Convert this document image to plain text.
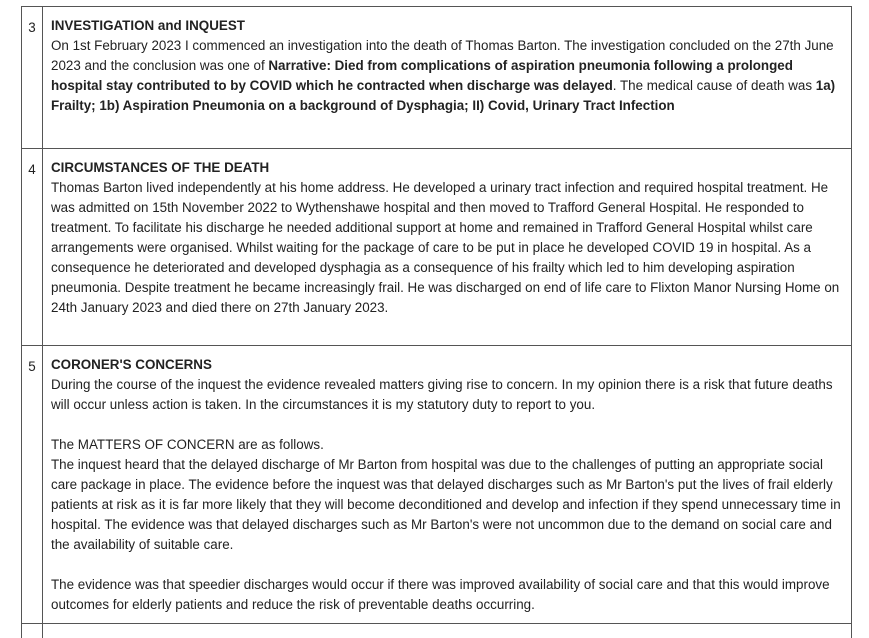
3	INVESTIGATION and INQUEST
On 1st February 2023 I commenced an investigation into the death of Thomas Barton. The investigation concluded on the 27th June 2023 and the conclusion was one of Narrative: Died from complications of aspiration pneumonia following a prolonged hospital stay contributed to by COVID which he contracted when discharge was delayed. The medical cause of death was 1a) Frailty; 1b) Aspiration Pneumonia on a background of Dysphagia; II) Covid, Urinary Tract Infection
4	CIRCUMSTANCES OF THE DEATH
Thomas Barton lived independently at his home address. He developed a urinary tract infection and required hospital treatment. He was admitted on 15th November 2022 to Wythenshawe hospital and then moved to Trafford General Hospital. He responded to treatment. To facilitate his discharge he needed additional support at home and remained in Trafford General Hospital whilst care arrangements were organised. Whilst waiting for the package of care to be put in place he developed COVID 19 in hospital. As a consequence he deteriorated and developed dysphagia as a consequence of his frailty which led to him developing aspiration pneumonia. Despite treatment he became increasingly frail. He was discharged on end of life care to Flixton Manor Nursing Home on 24th January 2023 and died there on 27th January 2023.

5	CORONER'S CONCERNS
During the course of the inquest the evidence revealed matters giving rise to concern. In my opinion there is a risk that future deaths will occur unless action is taken. In the circumstances it is my statutory duty to report to you.
The MATTERS OF CONCERN are as follows.
The inquest heard that the delayed discharge of Mr Barton from hospital was due to the challenges of putting an appropriate social care package in place. The evidence before the inquest was that delayed discharges such as Mr Barton's put the lives of frail elderly patients at risk as it is far more likely that they will become deconditioned and develop and infection if they spend unnecessary time in hospital. The evidence was that delayed discharges such as Mr Barton's were not uncommon due to the demand on social care and the availability of suitable care.
The evidence was that speedier discharges would occur if there was improved availability of social care and that this would improve outcomes for elderly patients and reduce the risk of preventable deaths occurring.
